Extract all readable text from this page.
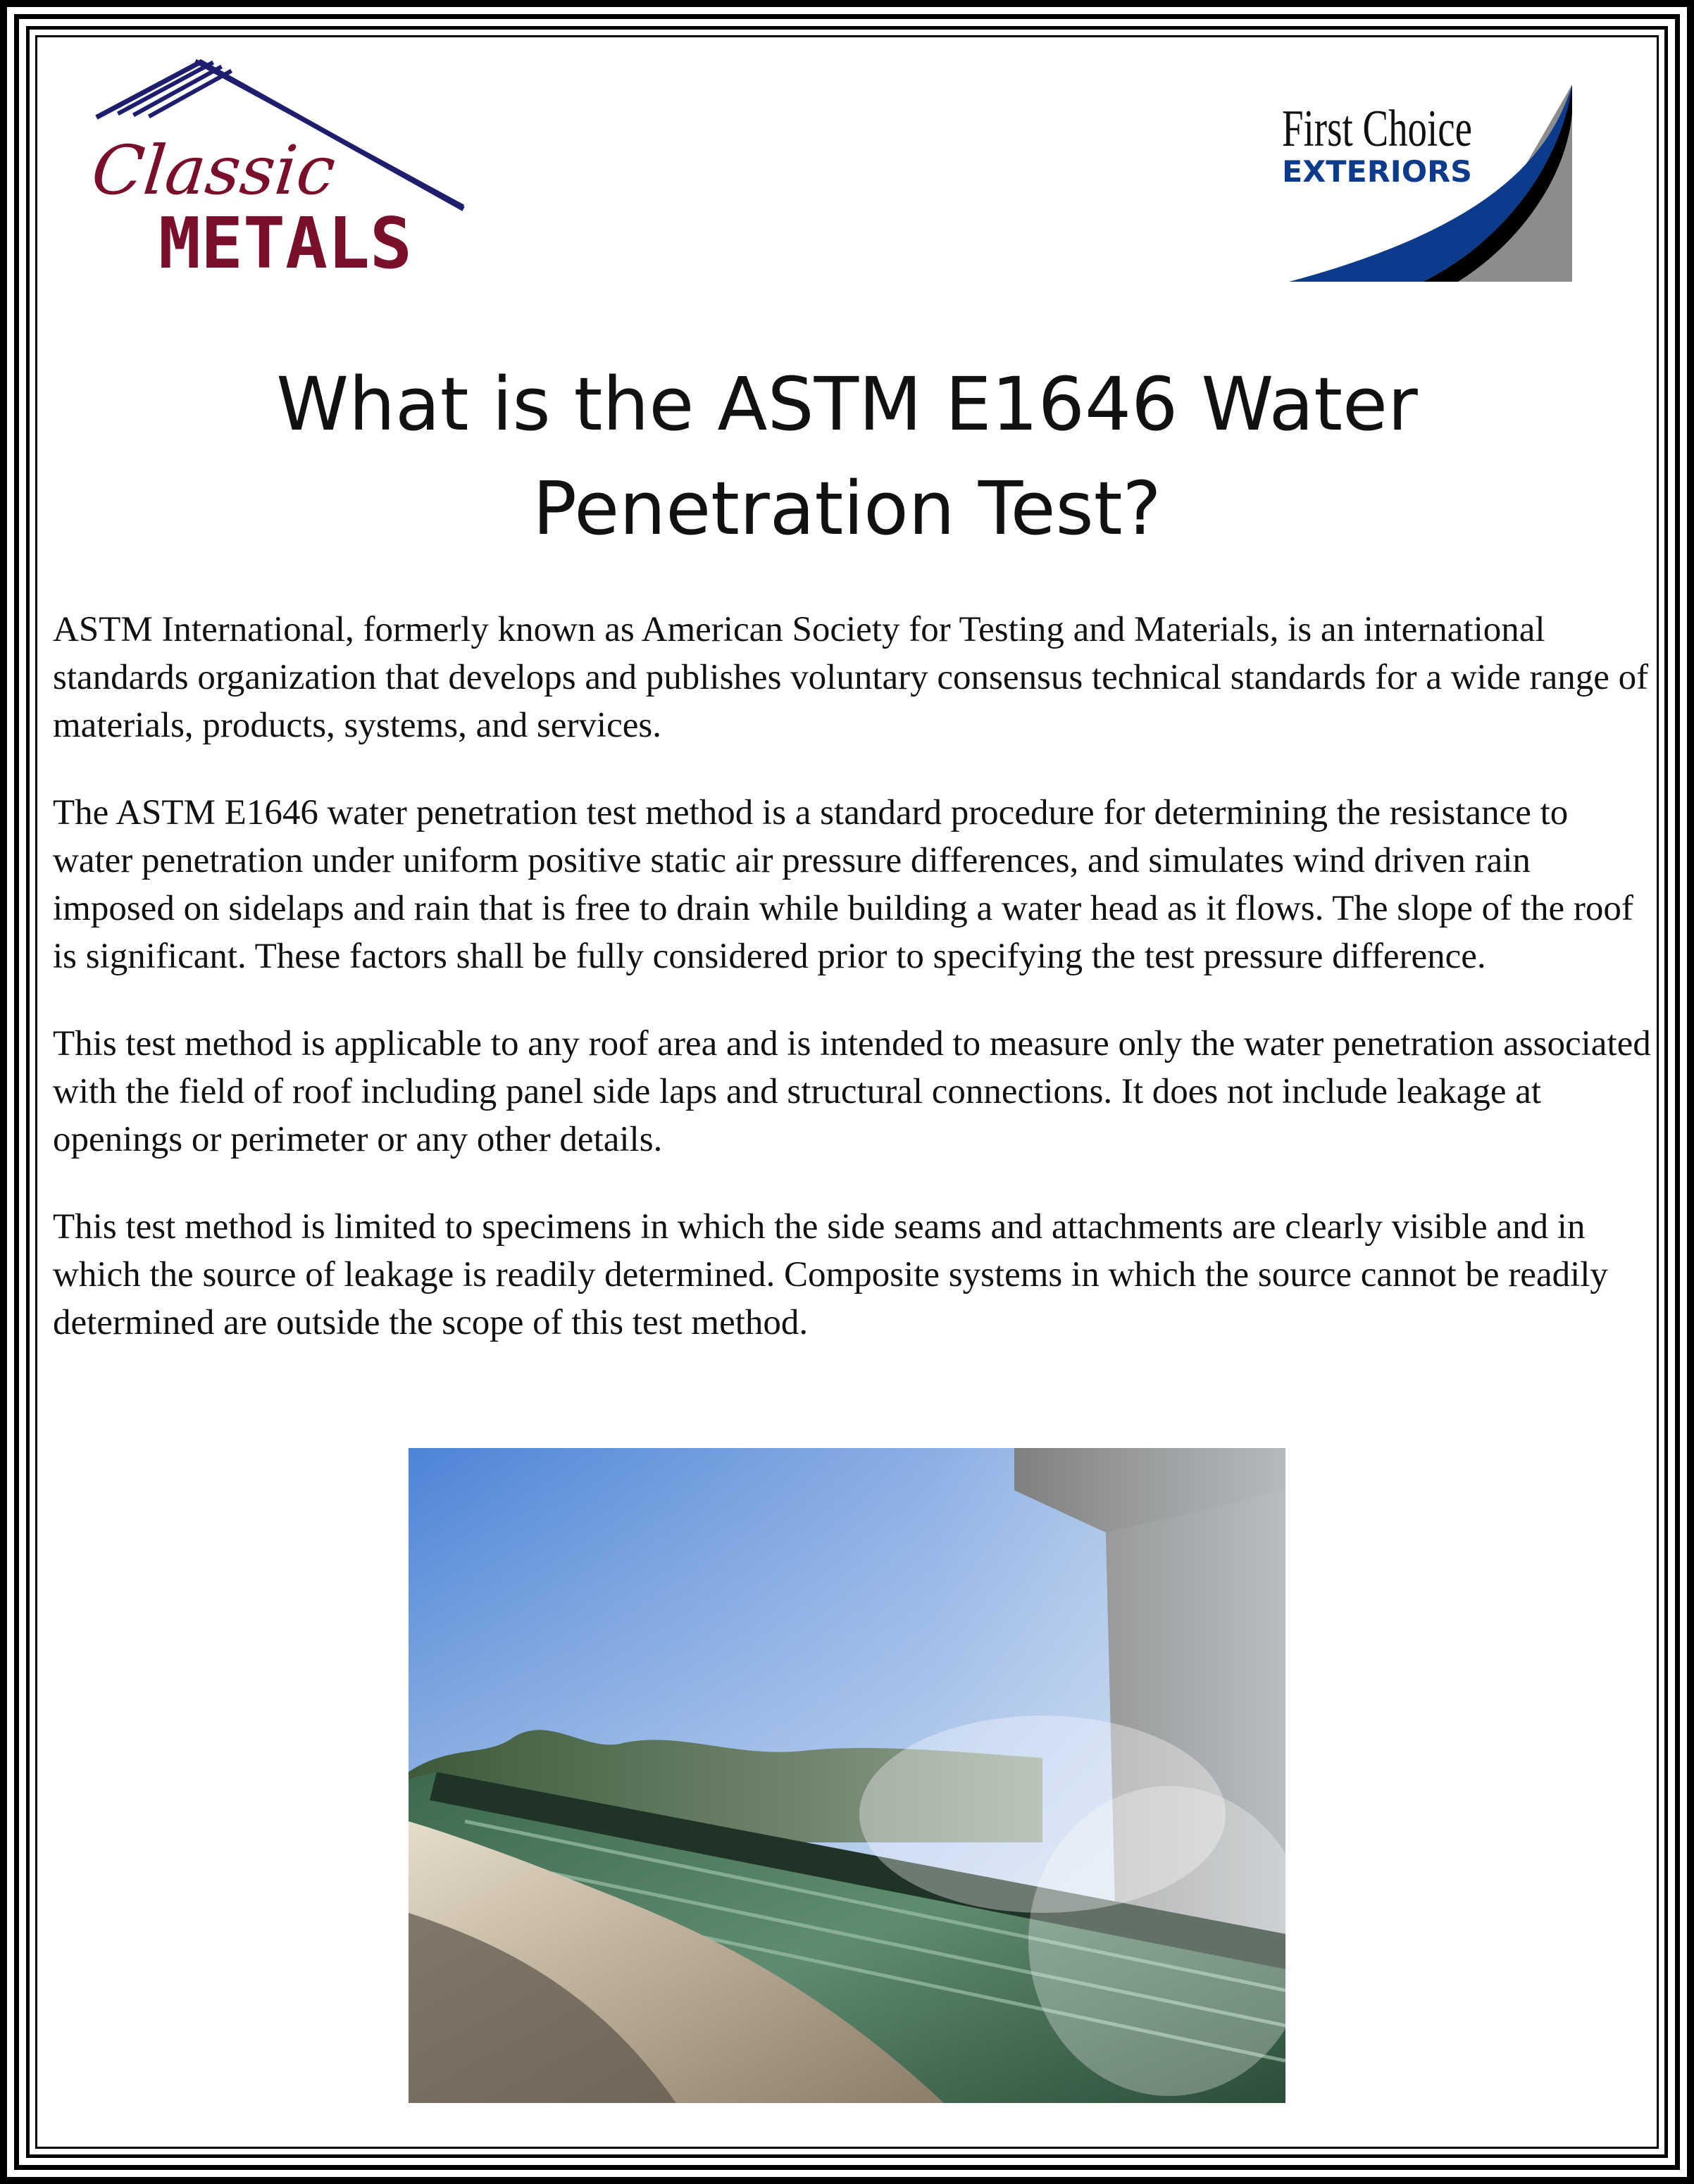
Classic
METALS
First Choice
EXTERIORS
What is the ASTM E1646 Water Penetration Test?

ASTM International, formerly known as American Society for Testing and Materials, is an international standards organization that develops and publishes voluntary consensus technical standards for a wide range of materials, products, systems, and services.

The ASTM E1646 water penetration test method is a standard procedure for determining the resistance to water penetration under uniform positive static air pressure differences, and simulates wind driven rain imposed on sidelaps and rain that is free to drain while building a water head as it flows. The slope of the roof is significant. These factors shall be fully considered prior to specifying the test pressure difference.

This test method is applicable to any roof area and is intended to measure only the water penetration associated with the field of roof including panel side laps and structural connections. It does not include leakage at openings or perimeter or any other details.

This test method is limited to specimens in which the side seams and attachments are clearly visible and in which the source of leakage is readily determined. Composite systems in which the source cannot be readily determined are outside the scope of this test method.
